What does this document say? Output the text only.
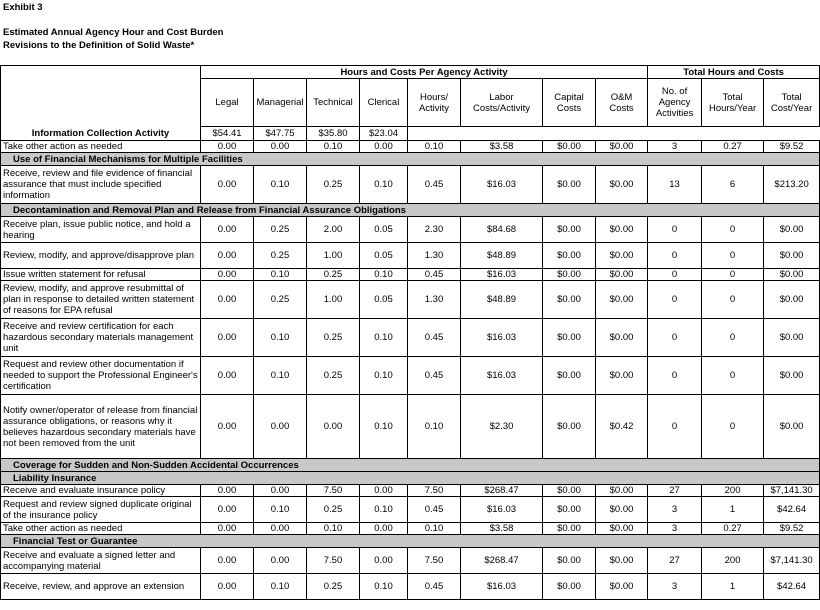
Exhibit 3
Estimated Annual Agency Hour and Cost Burden
Revisions to the Definition of Solid Waste*
	Hours and Costs Per Agency Activity								Total Hours and Costs		
	Legal	Managerial	Technical	Clerical	Hours/ Activity	Labor Costs/Activity	Capital Costs	O&M Costs	No. of Agency Activities	Total Hours/Year	Total Cost/Year
Information Collection Activity	$54.41	$47.75	$35.80	$23.04							
Take other action as needed	0.00	0.00	0.10	0.00	0.10	$3.58	$0.00	$0.00	3	0.27	$9.52
Use of Financial Mechanisms for Multiple Facilities											
Receive, review and file evidence of financial assurance that must include specified information	0.00	0.10	0.25	0.10	0.45	$16.03	$0.00	$0.00	13	6	$213.20
Decontamination and Removal Plan and Release from Financial Assurance Obligations											
Receive plan, issue public notice, and hold a hearing	0.00	0.25	2.00	0.05	2.30	$84.68	$0.00	$0.00	0	0	$0.00
Review, modify, and approve/disapprove plan	0.00	0.25	1.00	0.05	1.30	$48.89	$0.00	$0.00	0	0	$0.00
Issue written statement for refusal	0.00	0.10	0.25	0.10	0.45	$16.03	$0.00	$0.00	0	0	$0.00
Review, modify, and approve resubmittal of plan in response to detailed written statement of reasons for EPA refusal	0.00	0.25	1.00	0.05	1.30	$48.89	$0.00	$0.00	0	0	$0.00
Receive and review certification for each hazardous secondary materials management unit	0.00	0.10	0.25	0.10	0.45	$16.03	$0.00	$0.00	0	0	$0.00
Request and review other documentation if needed to support the Professional Engineer's certification	0.00	0.10	0.25	0.10	0.45	$16.03	$0.00	$0.00	0	0	$0.00
Notify owner/operator of release from financial assurance obligations, or reasons why it believes hazardous secondary materials have not been removed from the unit	0.00	0.00	0.00	0.10	0.10	$2.30	$0.00	$0.42	0	0	$0.00
Coverage for Sudden and Non-Sudden Accidental Occurrences											
Liability Insurance											
Receive and evaluate insurance policy	0.00	0.00	7.50	0.00	7.50	$268.47	$0.00	$0.00	27	200	$7,141.30
Request and review signed duplicate original of the insurance policy	0.00	0.10	0.25	0.10	0.45	$16.03	$0.00	$0.00	3	1	$42.64
Take other action as needed	0.00	0.00	0.10	0.00	0.10	$3.58	$0.00	$0.00	3	0.27	$9.52
Financial Test or Guarantee											
Receive and evaluate a signed letter and accompanying material	0.00	0.00	7.50	0.00	7.50	$268.47	$0.00	$0.00	27	200	$7,141.30
Receive, review, and approve an extension	0.00	0.10	0.25	0.10	0.45	$16.03	$0.00	$0.00	3	1	$42.64
